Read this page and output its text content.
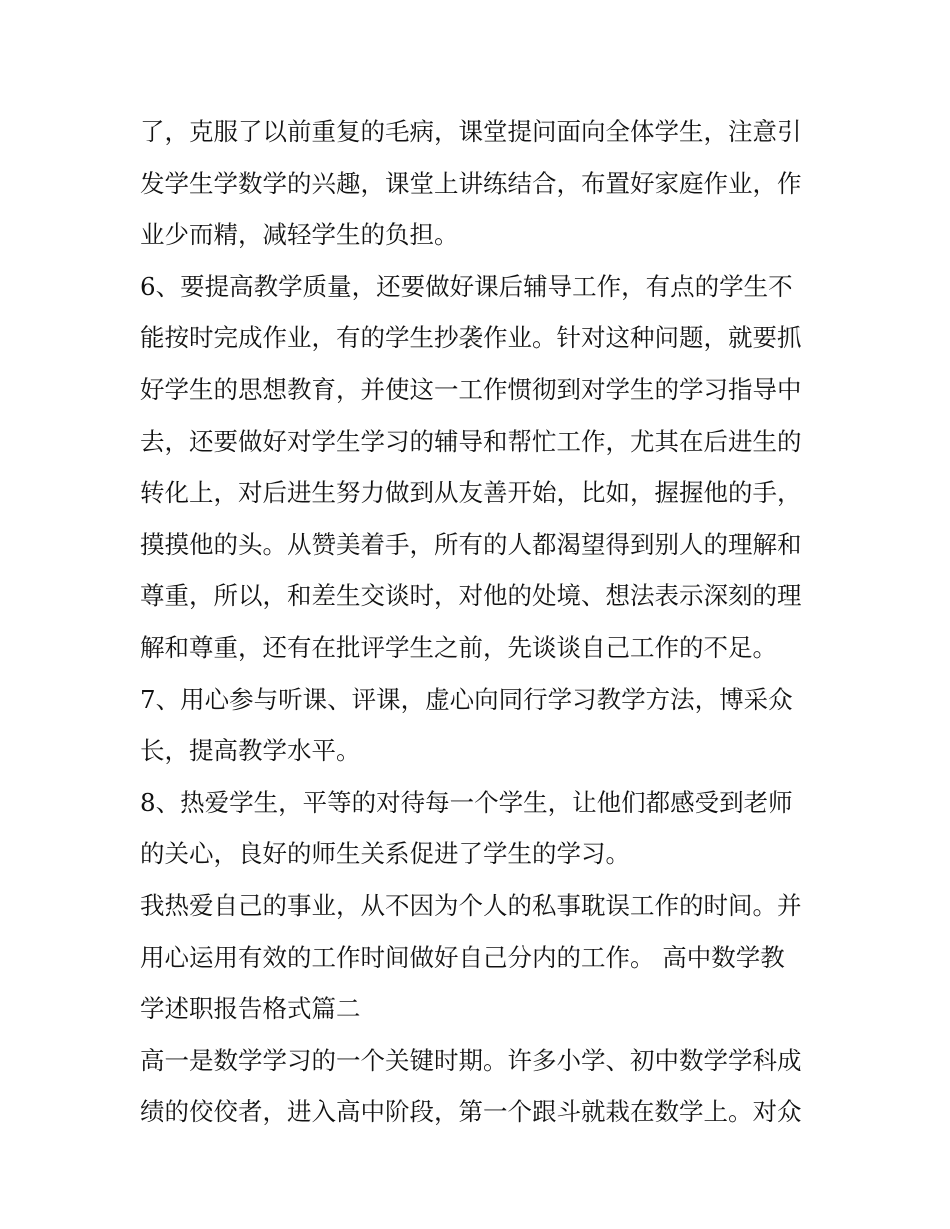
了，克服了以前重复的毛病，课堂提问面向全体学生，注意引
发学生学数学的兴趣，课堂上讲练结合，布置好家庭作业，作
业少而精，减轻学生的负担。
6、要提高教学质量，还要做好课后辅导工作，有点的学生不
能按时完成作业，有的学生抄袭作业。针对这种问题，就要抓
好学生的思想教育，并使这一工作惯彻到对学生的学习指导中
去，还要做好对学生学习的辅导和帮忙工作，尤其在后进生的
转化上，对后进生努力做到从友善开始，比如，握握他的手，
摸摸他的头。从赞美着手，所有的人都渴望得到别人的理解和
尊重，所以，和差生交谈时，对他的处境、想法表示深刻的理
解和尊重，还有在批评学生之前，先谈谈自己工作的不足。
7、用心参与听课、评课，虚心向同行学习教学方法，博采众
长，提高教学水平。
8、热爱学生，平等的对待每一个学生，让他们都感受到老师
的关心，良好的师生关系促进了学生的学习。
我热爱自己的事业，从不因为个人的私事耽误工作的时间。并
用心运用有效的工作时间做好自己分内的工作。 高中数学教
学述职报告格式篇二
高一是数学学习的一个关键时期。许多小学、初中数学学科成
绩的佼佼者，进入高中阶段，第一个跟斗就栽在数学上。对众
